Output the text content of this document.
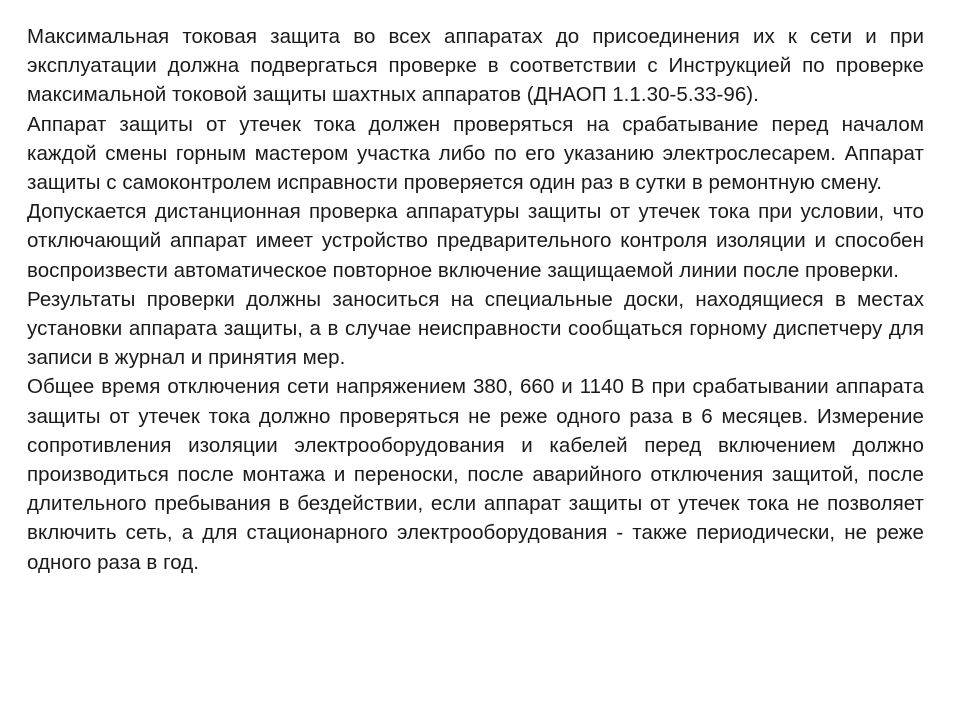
Максимальная токовая защита во всех аппаратах до присоединения их к сети и при эксплуатации должна подвергаться проверке в соответствии с Инструкцией по проверке максимальной токовой защиты шахтных аппаратов (ДНАОП 1.1.30-5.33-96).

Аппарат защиты от утечек тока должен проверяться на срабатывание перед началом каждой смены горным мастером участка либо по его указанию электрослесарем. Аппарат защиты с самоконтролем исправности проверяется один раз в сутки в ремонтную смену.

Допускается дистанционная проверка аппаратуры защиты от утечек тока при условии, что отключающий аппарат имеет устройство предварительного контроля изоляции и способен воспроизвести автоматическое повторное включение защищаемой линии после проверки.

Результаты проверки должны заноситься на специальные доски, находящиеся в местах установки аппарата защиты, а в случае неисправности сообщаться горному диспетчеру для записи в журнал и принятия мер.

Общее время отключения сети напряжением 380, 660 и 1140 В при срабатывании аппарата защиты от утечек тока должно проверяться не реже одного раза в 6 месяцев. Измерение сопротивления изоляции электрооборудования и кабелей перед включением должно производиться после монтажа и переноски, после аварийного отключения защитой, после длительного пребывания в бездействии, если аппарат защиты от утечек тока не позволяет включить сеть, а для стационарного электрооборудования - также периодически, не реже одного раза в год.
